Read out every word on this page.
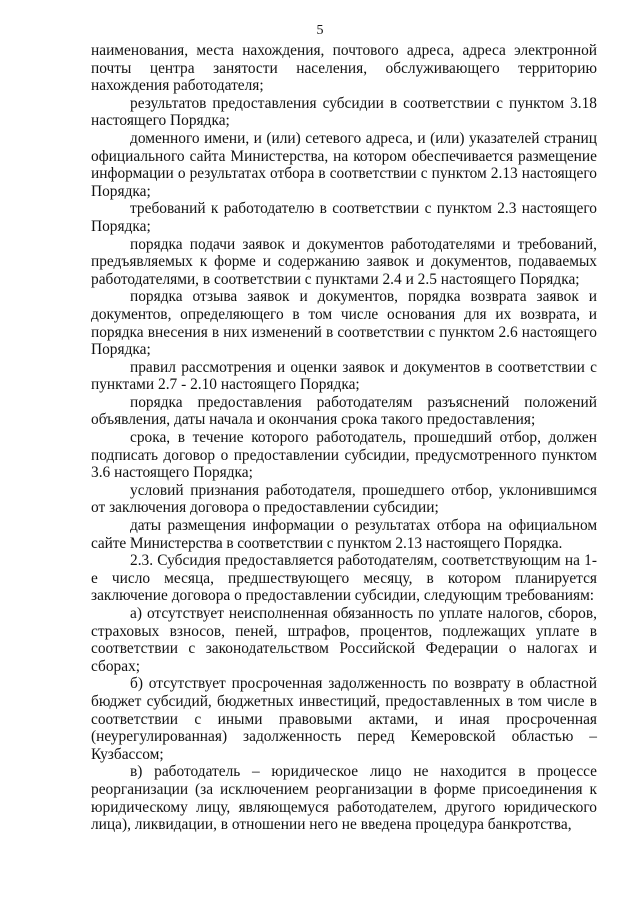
5

наименования, места нахождения, почтового адреса, адреса электронной почты центра занятости населения, обслуживающего территорию нахождения работодателя;

результатов предоставления субсидии в соответствии с пунктом 3.18 настоящего Порядка;

доменного имени, и (или) сетевого адреса, и (или) указателей страниц официального сайта Министерства, на котором обеспечивается размещение информации о результатах отбора в соответствии с пунктом 2.13 настоящего Порядка;

требований к работодателю в соответствии с пунктом 2.3 настоящего Порядка;

порядка подачи заявок и документов работодателями и требований, предъявляемых к форме и содержанию заявок и документов, подаваемых работодателями, в соответствии с пунктами 2.4 и 2.5 настоящего Порядка;

порядка отзыва заявок и документов, порядка возврата заявок и документов, определяющего в том числе основания для их возврата, и порядка внесения в них изменений в соответствии с пунктом 2.6 настоящего Порядка;

правил рассмотрения и оценки заявок и документов в соответствии с пунктами 2.7 - 2.10 настоящего Порядка;

порядка предоставления работодателям разъяснений положений объявления, даты начала и окончания срока такого предоставления;

срока, в течение которого работодатель, прошедший отбор, должен подписать договор о предоставлении субсидии, предусмотренного пунктом 3.6 настоящего Порядка;

условий признания работодателя, прошедшего отбор, уклонившимся от заключения договора о предоставлении субсидии;

даты размещения информации о результатах отбора на официальном сайте Министерства в соответствии с пунктом 2.13 настоящего Порядка.

2.3. Субсидия предоставляется работодателям, соответствующим на 1-е число месяца, предшествующего месяцу, в котором планируется заключение договора о предоставлении субсидии, следующим требованиям:

а) отсутствует неисполненная обязанность по уплате налогов, сборов, страховых взносов, пеней, штрафов, процентов, подлежащих уплате в соответствии с законодательством Российской Федерации о налогах и сборах;

б) отсутствует просроченная задолженность по возврату в областной бюджет субсидий, бюджетных инвестиций, предоставленных в том числе в соответствии с иными правовыми актами, и иная просроченная (неурегулированная) задолженность перед Кемеровской областью – Кузбассом;

в) работодатель – юридическое лицо не находится в процессе реорганизации (за исключением реорганизации в форме присоединения к юридическому лицу, являющемуся работодателем, другого юридического лица), ликвидации, в отношении него не введена процедура банкротства,
